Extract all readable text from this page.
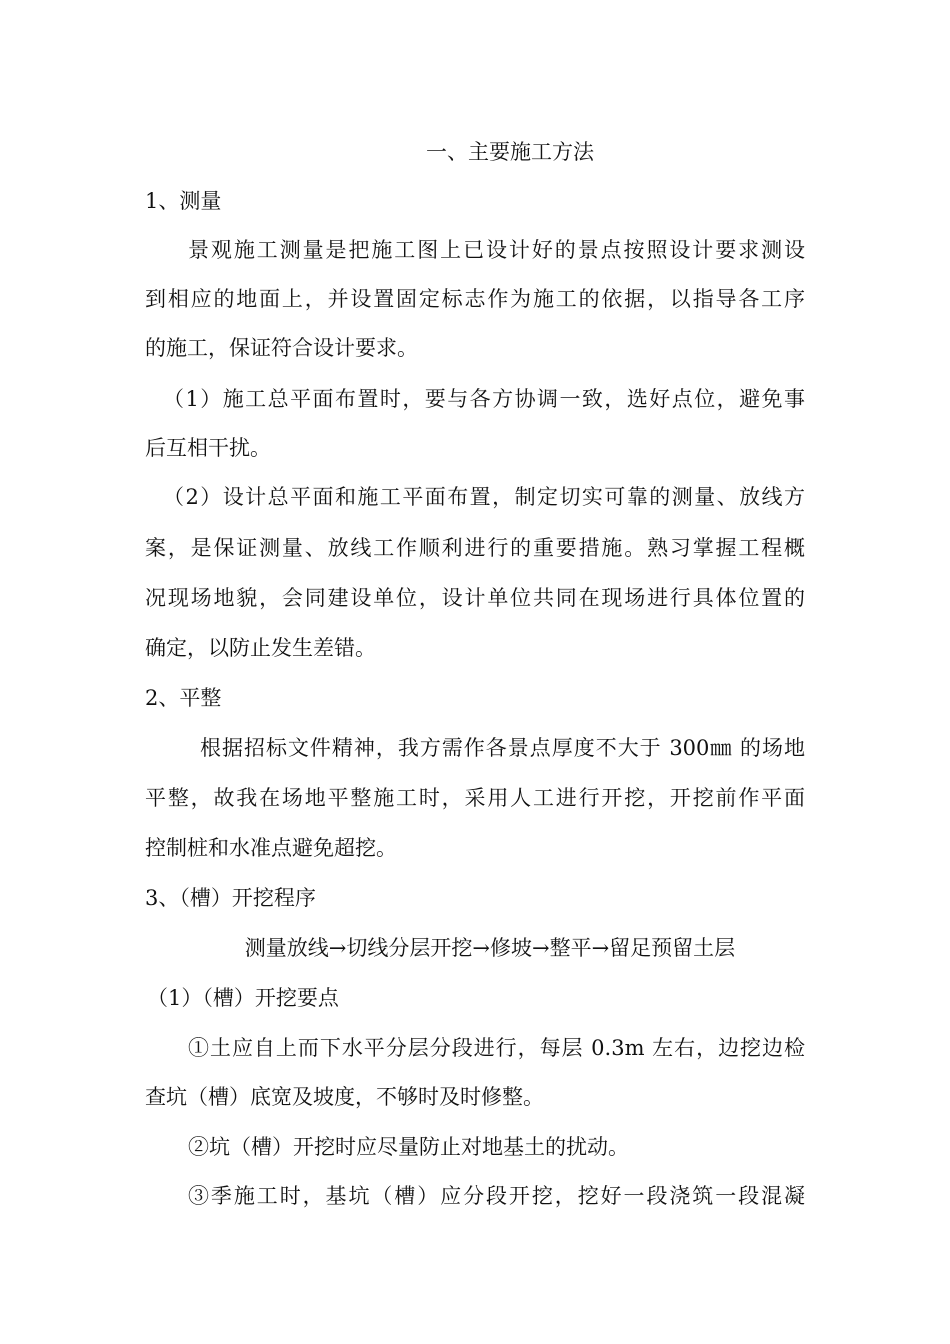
一、主要施工方法
1、测量
景观施工测量是把施工图上已设计好的景点按照设计要求测设
到相应的地面上，并设置固定标志作为施工的依据，以指导各工序
的施工，保证符合设计要求。
（1）施工总平面布置时，要与各方协调一致，选好点位，避免事
后互相干扰。
（2）设计总平面和施工平面布置，制定切实可靠的测量、放线方
案，是保证测量、放线工作顺利进行的重要措施。熟习掌握工程概
况现场地貌，会同建设单位，设计单位共同在现场进行具体位置的
确定，以防止发生差错。
2、平整
根据招标文件精神，我方需作各景点厚度不大于 300㎜ 的场地
平整，故我在场地平整施工时，采用人工进行开挖，开挖前作平面
控制桩和水准点避免超挖。
3、（槽）开挖程序
测量放线→切线分层开挖→修坡→整平→留足预留土层
（1）（槽）开挖要点
①土应自上而下水平分层分段进行，每层 0.3m 左右，边挖边检
查坑（槽）底宽及坡度，不够时及时修整。
②坑（槽）开挖时应尽量防止对地基土的扰动。
③季施工时，基坑（槽）应分段开挖，挖好一段浇筑一段混凝
